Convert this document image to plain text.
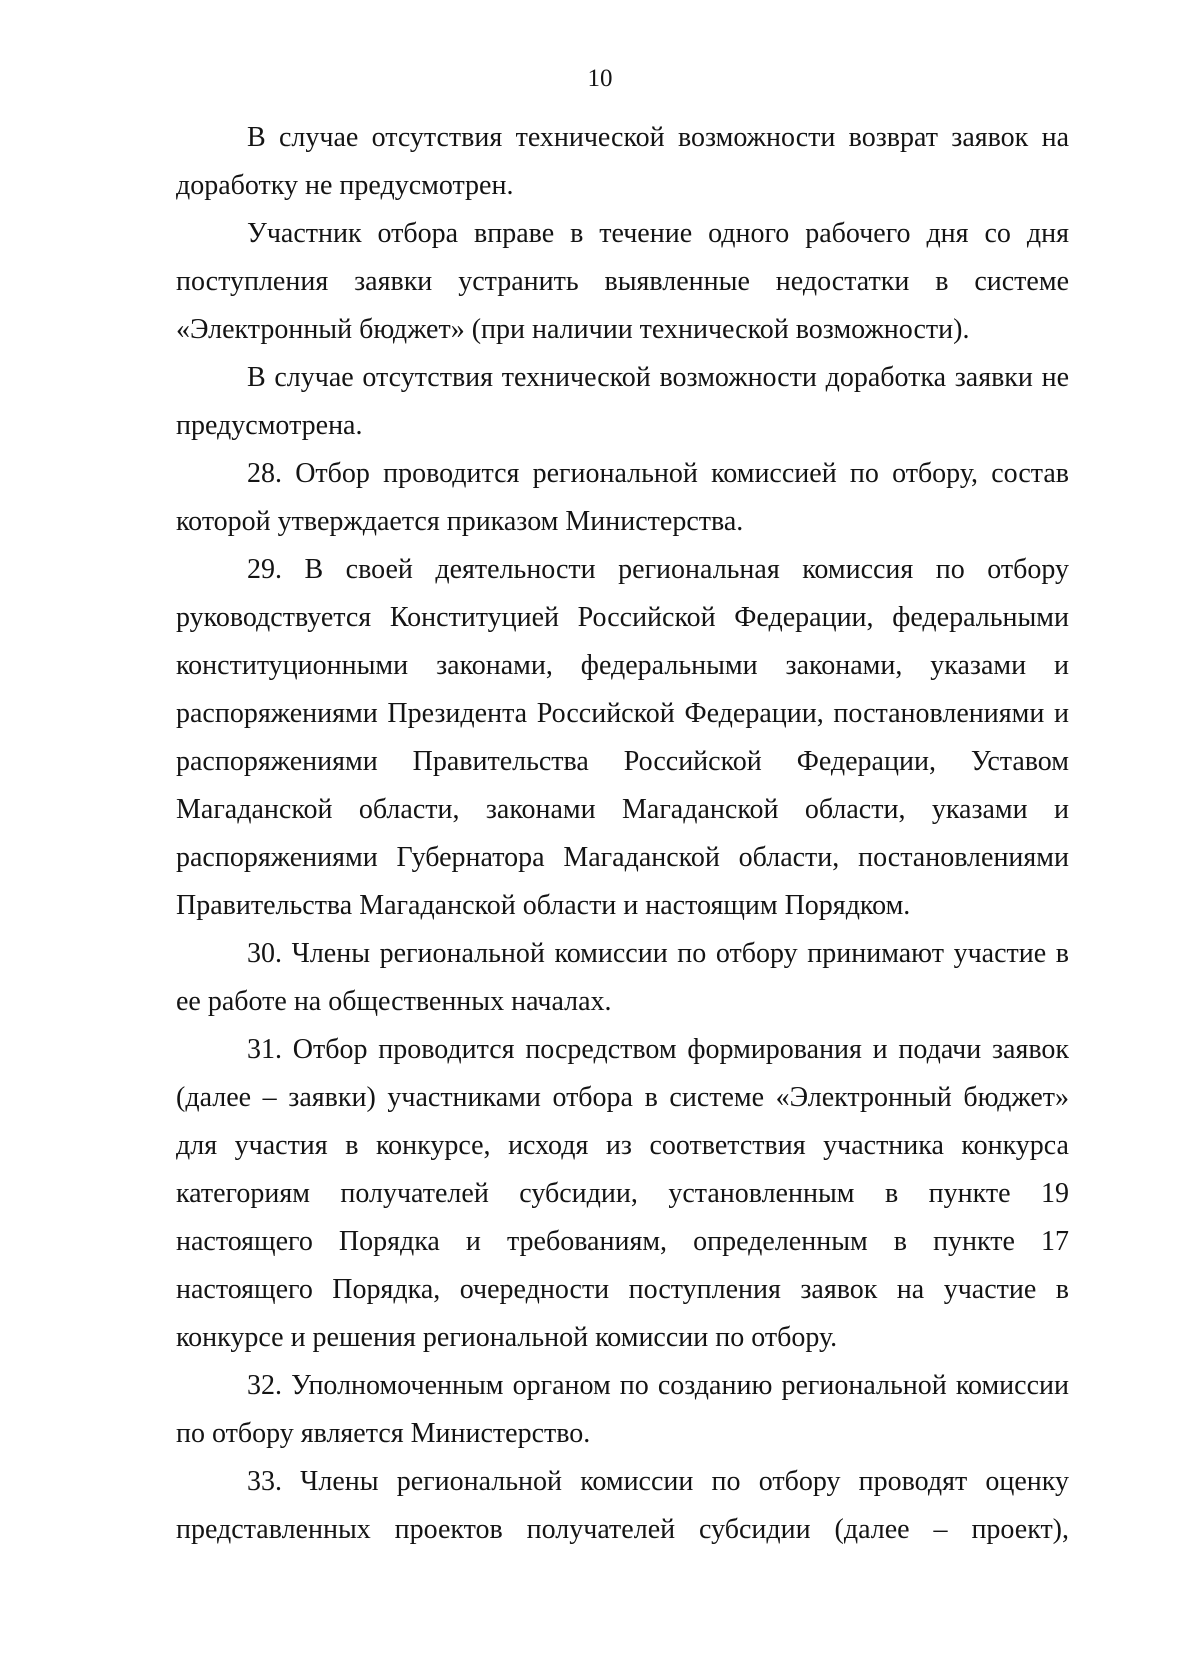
10
В случае отсутствия технической возможности возврат заявок на
доработку не предусмотрен.
Участник отбора вправе в течение одного рабочего дня со дня
поступления заявки устранить выявленные недостатки в системе
«Электронный бюджет» (при наличии технической возможности).
В случае отсутствия технической возможности доработка заявки не
предусмотрена.
28. Отбор проводится региональной комиссией по отбору, состав
которой утверждается приказом Министерства.
29. В своей деятельности региональная комиссия по отбору
руководствуется Конституцией Российской Федерации, федеральными
конституционными законами, федеральными законами, указами и
распоряжениями Президента Российской Федерации, постановлениями и
распоряжениями Правительства Российской Федерации, Уставом
Магаданской области, законами Магаданской области, указами и
распоряжениями Губернатора Магаданской области, постановлениями
Правительства Магаданской области и настоящим Порядком.
30. Члены региональной комиссии по отбору принимают участие в
ее работе на общественных началах.
31. Отбор проводится посредством формирования и подачи заявок
(далее – заявки) участниками отбора в системе «Электронный бюджет»
для участия в конкурсе, исходя из соответствия участника конкурса
категориям получателей субсидии, установленным в пункте 19
настоящего Порядка и требованиям, определенным в пункте 17
настоящего Порядка, очередности поступления заявок на участие в
конкурсе и решения региональной комиссии по отбору.
32. Уполномоченным органом по созданию региональной комиссии
по отбору является Министерство.
33. Члены региональной комиссии по отбору проводят оценку
представленных проектов получателей субсидии (далее – проект),
